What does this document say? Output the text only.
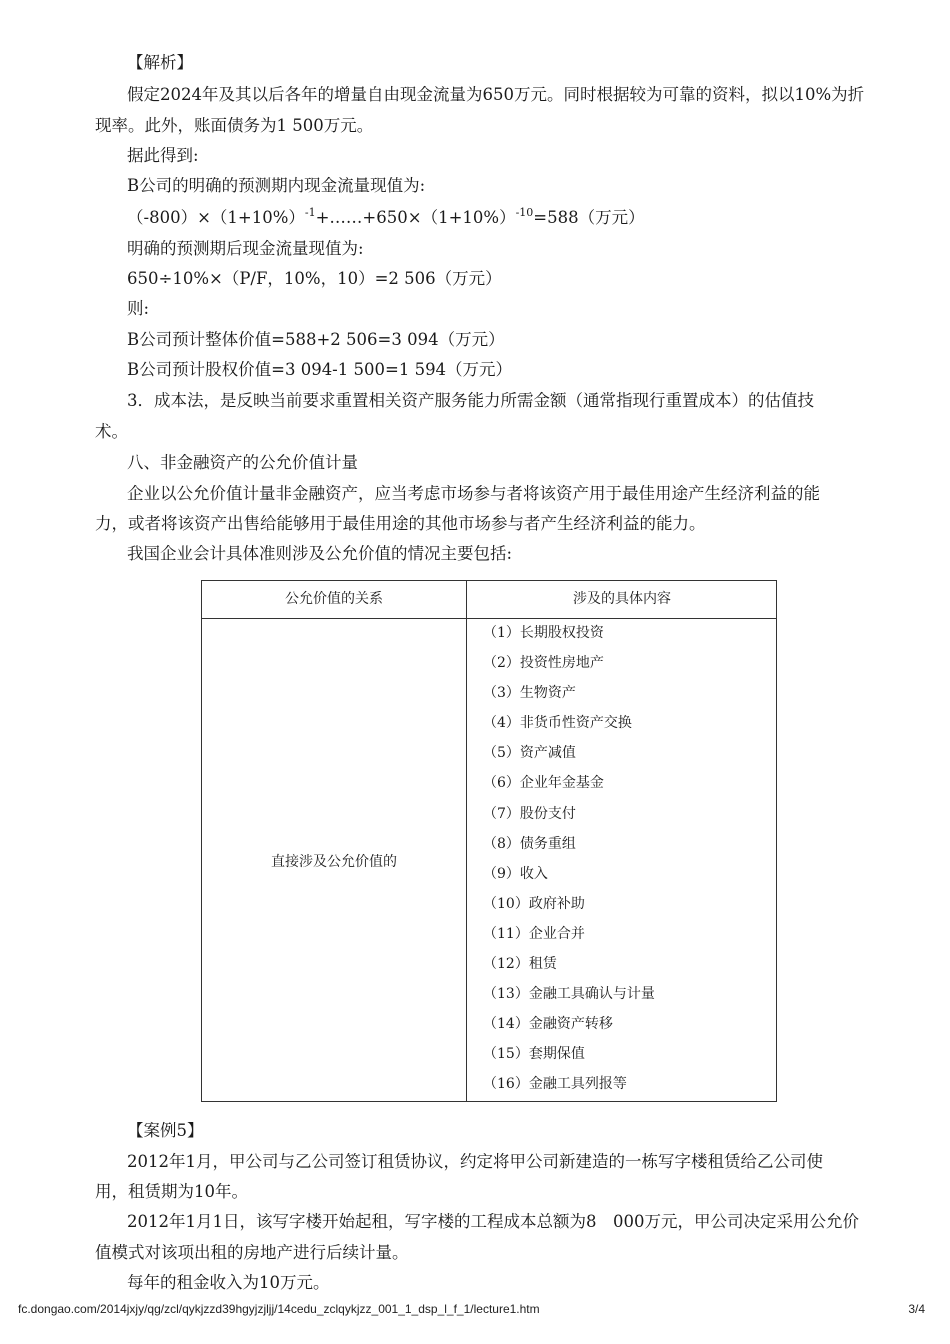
【解析】
假定2024年及其以后各年的增量自由现金流量为650万元。同时根据较为可靠的资料，拟以10%为折
现率。此外，账面债务为1 500万元。
据此得到:
B公司的明确的预测期内现金流量现值为:
$(-800)\times(1+10\%)^{-1}+\dots\dots+650\times(1+10\%)^{-10}=588$（万元）
明确的预测期后现金流量现值为:
650÷10%×（P/F，10%，10）=2 506（万元）
则:
B公司预计整体价值=588+2 506=3 094（万元）
B公司预计股权价值=3 094-1 500=1 594（万元）
3．成本法，是反映当前要求重置相关资产服务能力所需金额（通常指现行重置成本）的估值技
术。
八、非金融资产的公允价值计量
企业以公允价值计量非金融资产，应当考虑市场参与者将该资产用于最佳用途产生经济利益的能
力，或者将该资产出售给能够用于最佳用途的其他市场参与者产生经济利益的能力。
我国企业会计具体准则涉及公允价值的情况主要包括:
公允价值的关系	涉及的具体内容
直接涉及公允价值的
（1）长期股权投资
（2）投资性房地产
（3）生物资产
（4）非货币性资产交换
（5）资产减值
（6）企业年金基金
（7）股份支付
（8）债务重组
（9）收入
（10）政府补助
（11）企业合并
（12）租赁
（13）金融工具确认与计量
（14）金融资产转移
（15）套期保值
（16）金融工具列报等
【案例5】
2012年1月，甲公司与乙公司签订租赁协议，约定将甲公司新建造的一栋写字楼租赁给乙公司使
用，租赁期为10年。
2012年1月1日，该写字楼开始起租，写字楼的工程成本总额为8　000万元，甲公司决定采用公允价
值模式对该项出租的房地产进行后续计量。
每年的租金收入为10万元。
fc.dongao.com/2014jxjy/qg/zcl/qykjzzd39hgyjzjljj/14cedu_zclqykjzz_001_1_dsp_l_f_1/lecture1.htm	3/4
